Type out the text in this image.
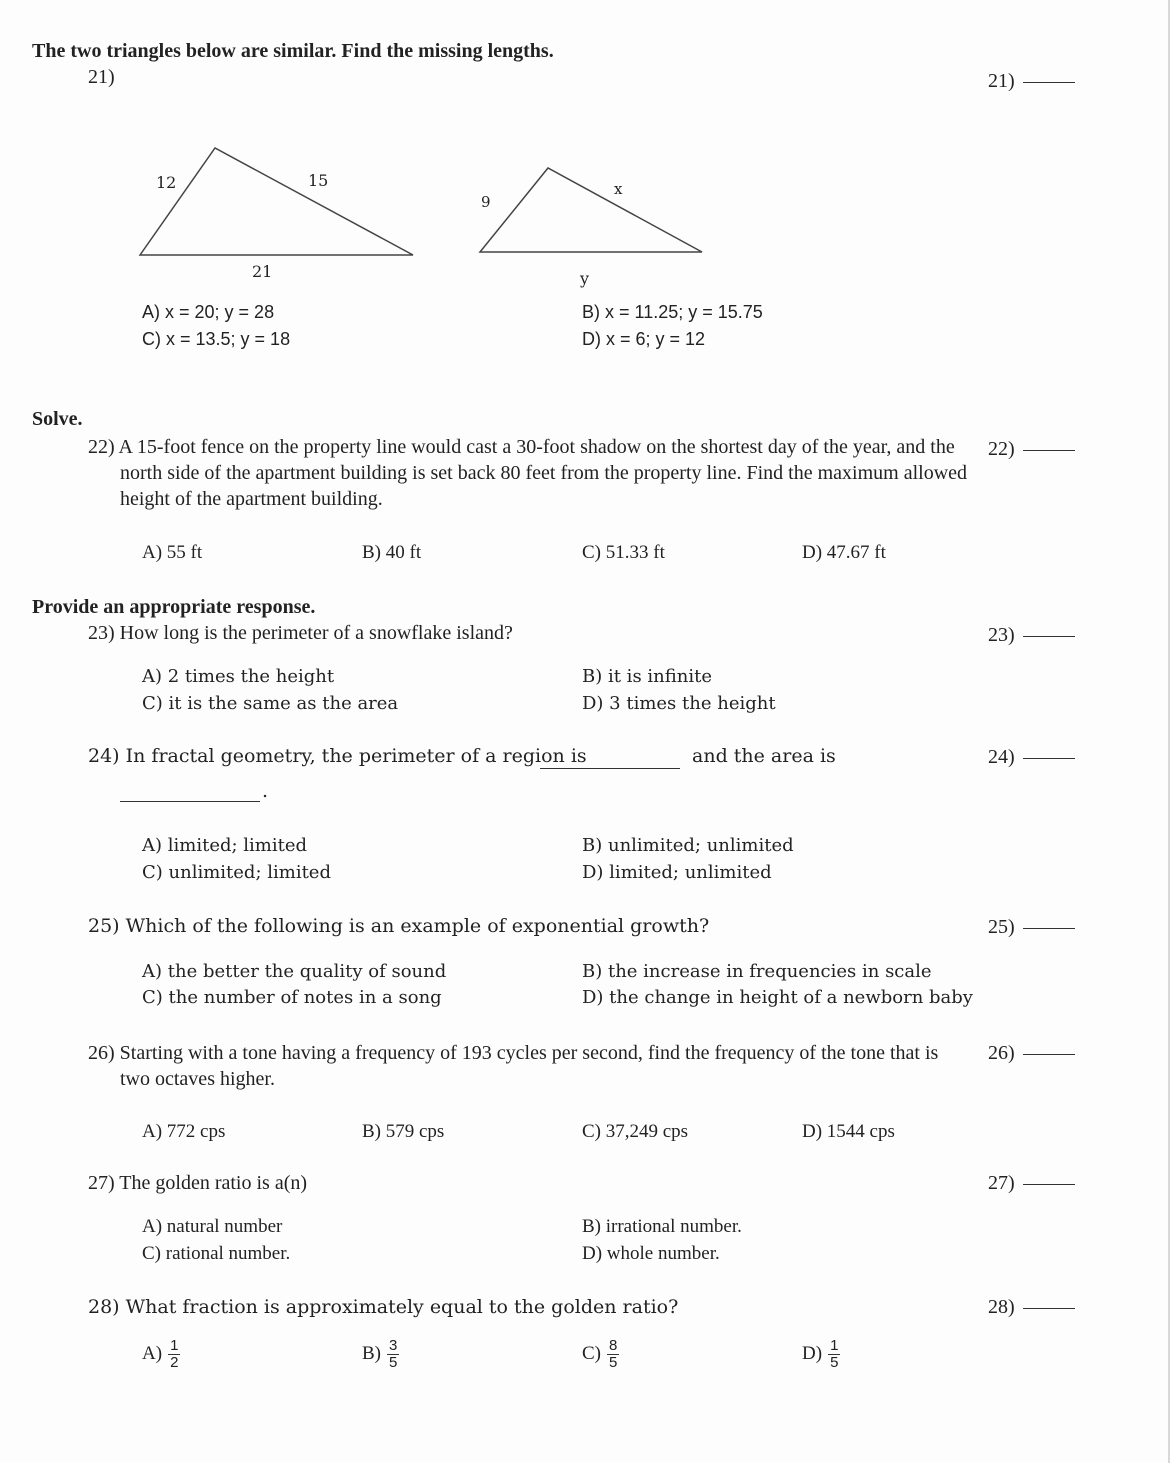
The two triangles below are similar. Find the missing lengths.
21)	21)
12	15
21
9
x
y
A) x = 20; y = 28	B) x = 11.25; y = 15.75
C) x = 13.5; y = 18	D) x = 6; y = 12
Solve.
22) A 15-foot fence on the property line would cast a 30-foot shadow on the shortest day of the year, and the north side of the apartment building is set back 80 feet from the property line. Find the maximum allowed height of the apartment building.
22)
A) 55 ft	B) 40 ft	C) 51.33 ft	D) 47.67 ft
Provide an appropriate response.
23) How long is the perimeter of a snowflake island?	23)
A) 2 times the height	B) it is infinite
C) it is the same as the area	D) 3 times the height
24) In fractal geometry, the perimeter of a region is	and the area is
.
24)
A) limited; limited	B) unlimited; unlimited
C) unlimited; limited	D) limited; unlimited
25) Which of the following is an example of exponential growth?	25)
A) the better the quality of sound	B) the increase in frequencies in scale
C) the number of notes in a song	D) the change in height of a newborn baby
26) Starting with a tone having a frequency of 193 cycles per second, find the frequency of the tone that is two octaves higher.
26)
A) 772 cps	B) 579 cps	C) 37,249 cps	D) 1544 cps
27) The golden ratio is a(n)	27)
A) natural number	B) irrational number.
C) rational number.	D) whole number.
28) What fraction is approximately equal to the golden ratio?	28)
$A) \frac{1}{2}$	$B) \frac{3}{5}$	$C) \frac{8}{5}$	$D) \frac{1}{5}$
